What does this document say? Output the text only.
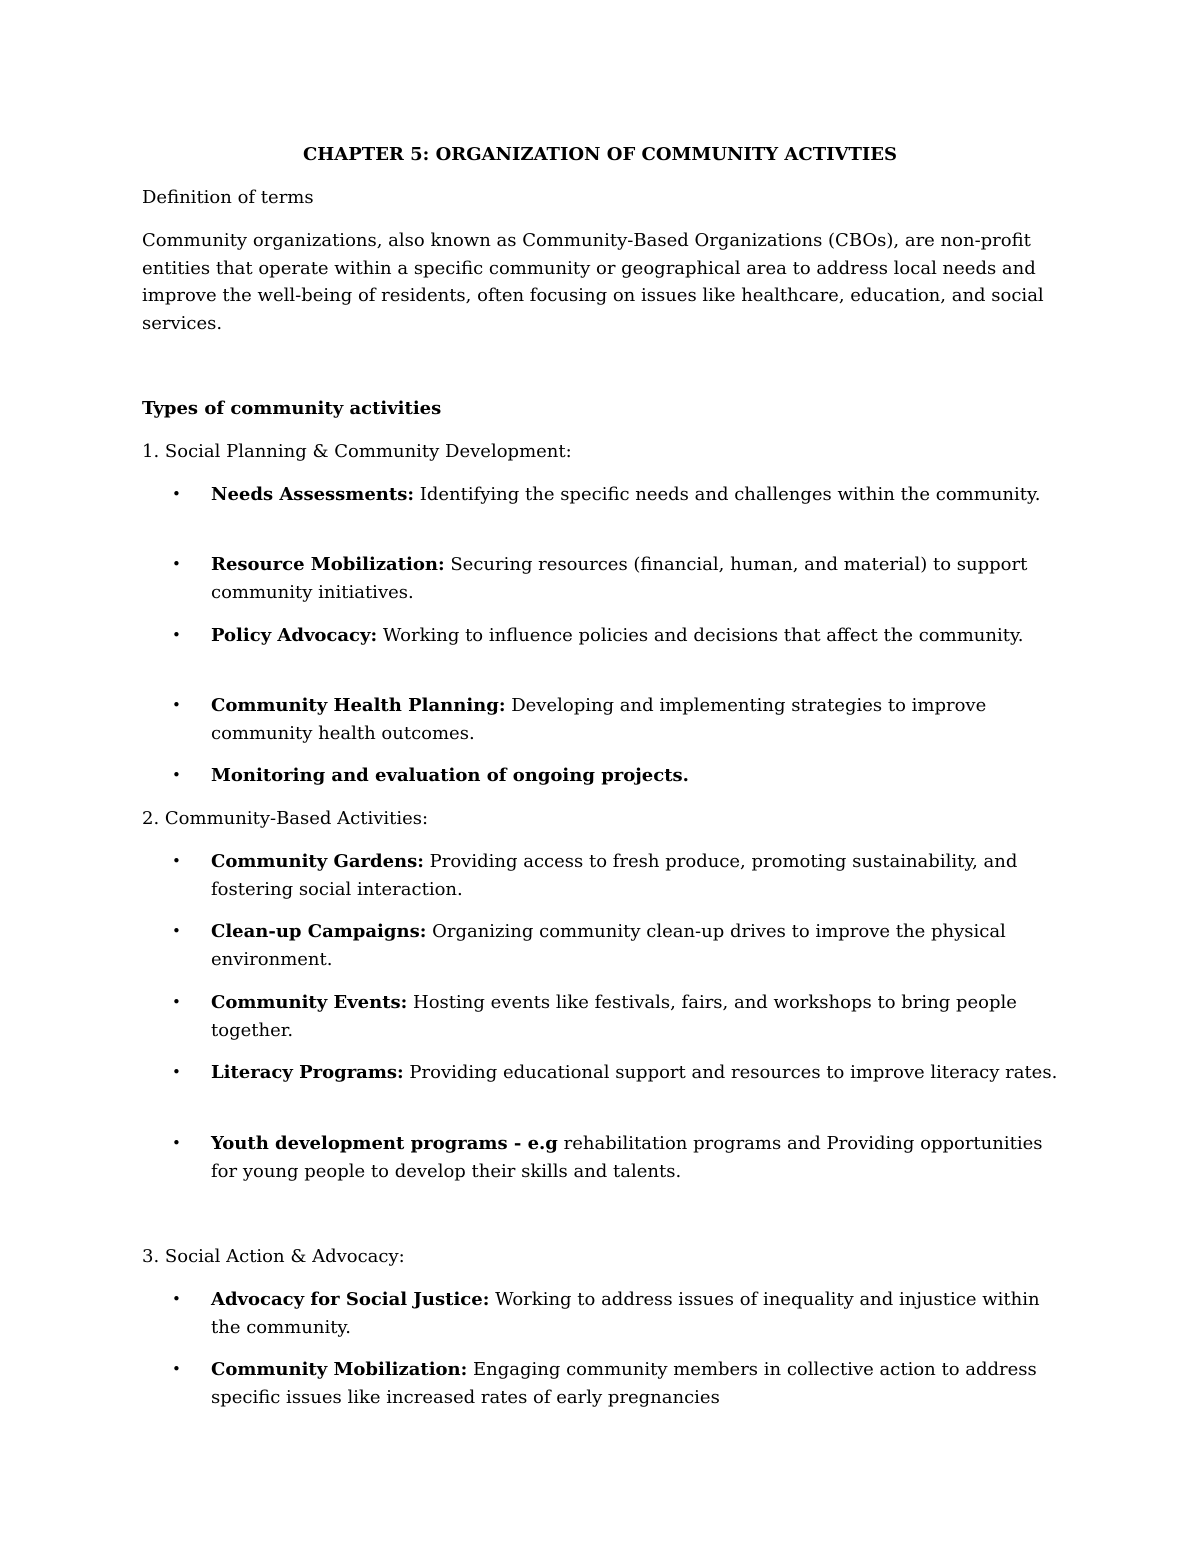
CHAPTER 5: ORGANIZATION OF COMMUNITY ACTIVTIES

Definition of terms

Community organizations, also known as Community-Based Organizations (CBOs), are non-profit entities that operate within a specific community or geographical area to address local needs and improve the well-being of residents, often focusing on issues like healthcare, education, and social services.

Types of community activities

1. Social Planning & Community Development:

•	Needs Assessments: Identifying the specific needs and challenges within the community.
•	Resource Mobilization: Securing resources (financial, human, and material) to support community initiatives.
•	Policy Advocacy: Working to influence policies and decisions that affect the community.
•	Community Health Planning: Developing and implementing strategies to improve community health outcomes.
•	Monitoring and evaluation of ongoing projects.

2. Community-Based Activities:

•	Community Gardens: Providing access to fresh produce, promoting sustainability, and fostering social interaction.
•	Clean-up Campaigns: Organizing community clean-up drives to improve the physical environment.
•	Community Events: Hosting events like festivals, fairs, and workshops to bring people together.
•	Literacy Programs: Providing educational support and resources to improve literacy rates.
•	Youth development programs - e.g rehabilitation programs and Providing opportunities for young people to develop their skills and talents.

3. Social Action & Advocacy:

•	Advocacy for Social Justice: Working to address issues of inequality and injustice within the community.
•	Community Mobilization: Engaging community members in collective action to address specific issues like increased rates of early pregnancies
